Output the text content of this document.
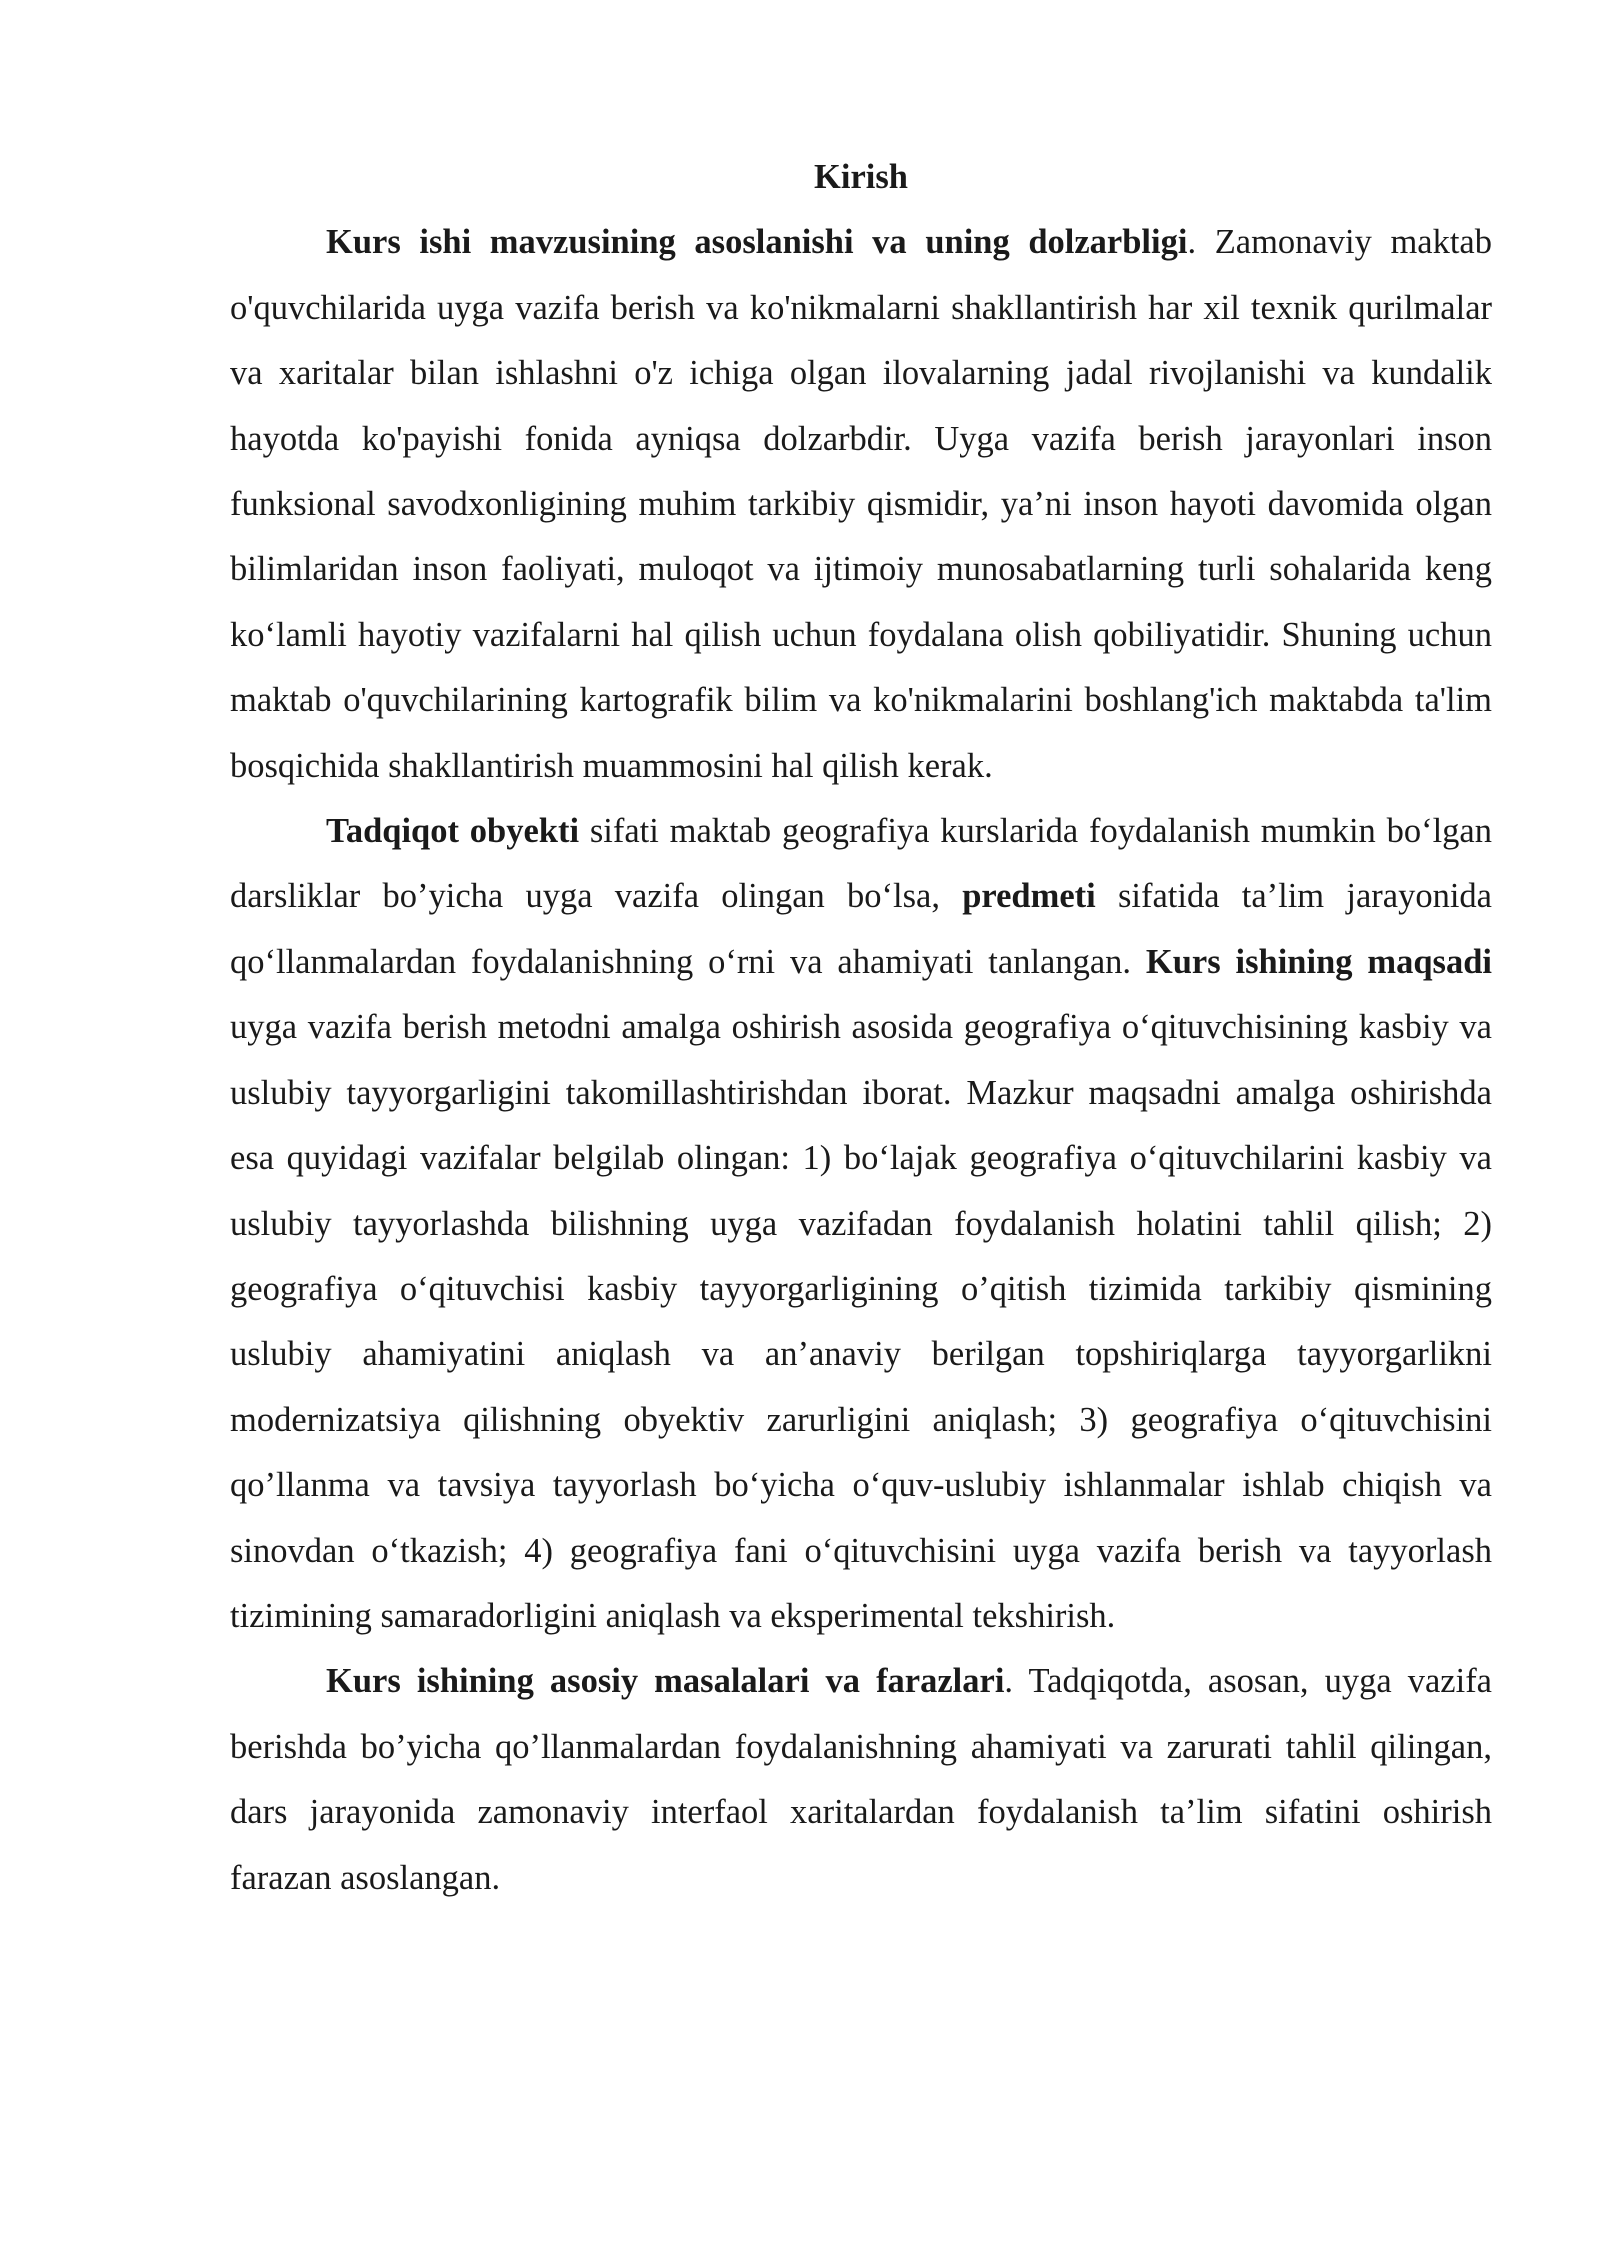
Kirish

Kurs ishi mavzusining asoslanishi va uning dolzarbligi. Zamonaviy maktab o'quvchilarida uyga vazifa berish va ko'nikmalarni shakllantirish har xil texnik qurilmalar va xaritalar bilan ishlashni o'z ichiga olgan ilovalarning jadal rivojlanishi va kundalik hayotda ko'payishi fonida ayniqsa dolzarbdir. Uyga vazifa berish jarayonlari inson funksional savodxonligining muhim tarkibiy qismidir, ya’ni inson hayoti davomida olgan bilimlaridan inson faoliyati, muloqot va ijtimoiy munosabatlarning turli sohalarida keng ko‘lamli hayotiy vazifalarni hal qilish uchun foydalana olish qobiliyatidir. Shuning uchun maktab o'quvchilarining kartografik bilim va ko'nikmalarini boshlang'ich maktabda ta'lim bosqichida shakllantirish muammosini hal qilish kerak.

Tadqiqot obyekti sifati maktab geografiya kurslarida foydalanish mumkin bo‘lgan darsliklar bo’yicha uyga vazifa olingan bo‘lsa, predmeti sifatida ta’lim jarayonida qo‘llanmalardan foydalanishning o‘rni va ahamiyati tanlangan. Kurs ishining maqsadi uyga vazifa berish metodni amalga oshirish asosida geografiya o‘qituvchisining kasbiy va uslubiy tayyorgarligini takomillashtirishdan iborat. Mazkur maqsadni amalga oshirishda esa quyidagi vazifalar belgilab olingan: 1) bo‘lajak geografiya o‘qituvchilarini kasbiy va uslubiy tayyorlashda bilishning uyga vazifadan foydalanish holatini tahlil qilish; 2) geografiya o‘qituvchisi kasbiy tayyorgarligining o’qitish tizimida tarkibiy qismining uslubiy ahamiyatini aniqlash va an’anaviy berilgan topshiriqlarga tayyorgarlikni modernizatsiya qilishning obyektiv zarurligini aniqlash; 3) geografiya o‘qituvchisini qo’llanma va tavsiya tayyorlash bo‘yicha o‘quv-uslubiy ishlanmalar ishlab chiqish va sinovdan o‘tkazish; 4) geografiya fani o‘qituvchisini uyga vazifa berish va tayyorlash tizimining samaradorligini aniqlash va eksperimental tekshirish.

Kurs ishining asosiy masalalari va farazlari. Tadqiqotda, asosan, uyga vazifa berishda bo’yicha qo’llanmalardan foydalanishning ahamiyati va zarurati tahlil qilingan, dars jarayonida zamonaviy interfaol xaritalardan foydalanish ta’lim sifatini oshirish farazan asoslangan.
